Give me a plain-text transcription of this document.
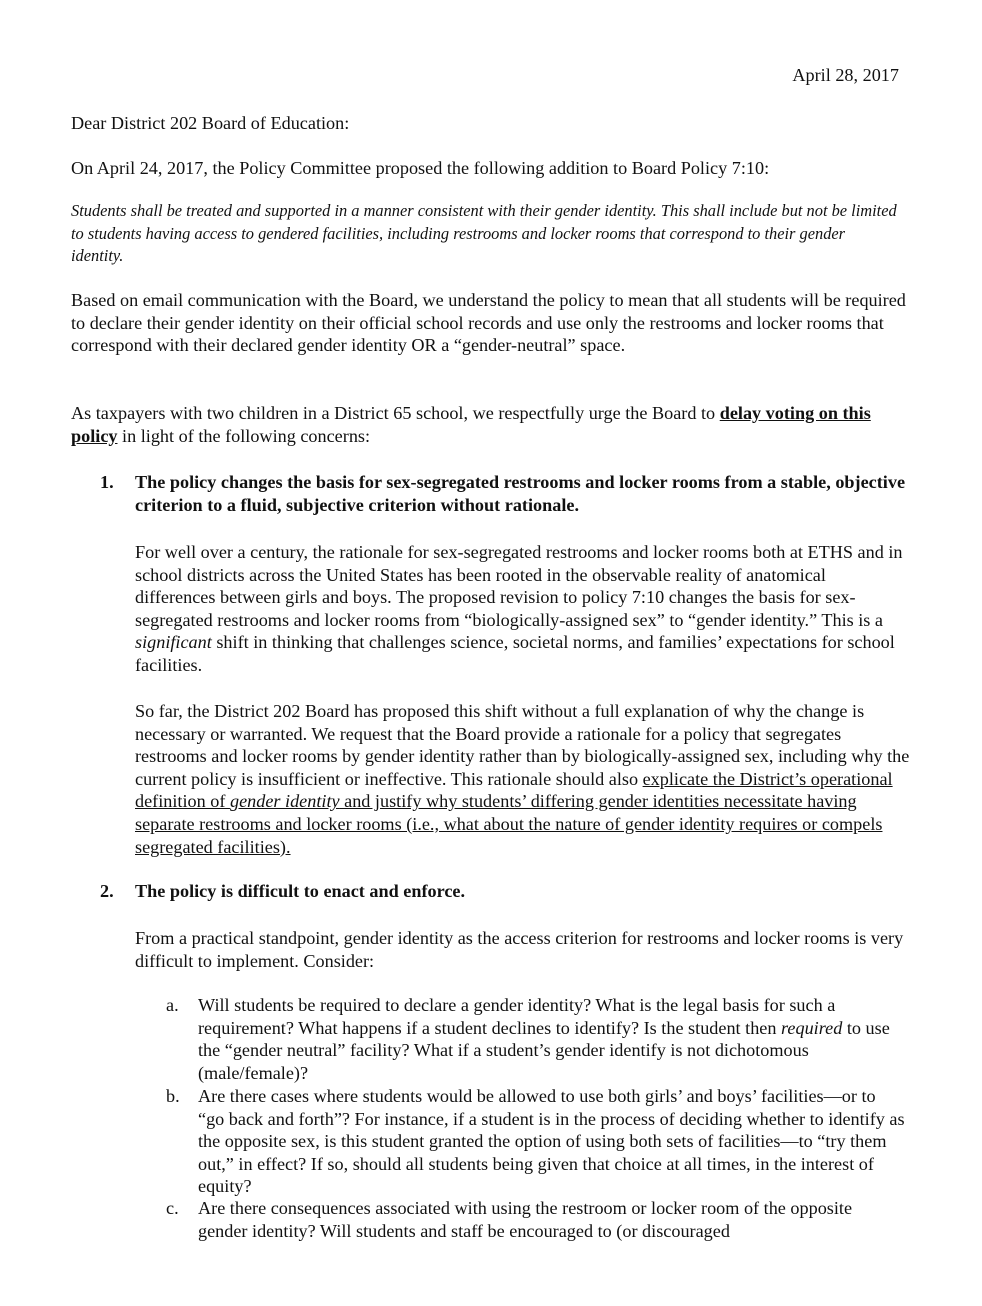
April 28, 2017

Dear District 202 Board of Education:

On April 24, 2017, the Policy Committee proposed the following addition to Board Policy 7:10:

Students shall be treated and supported in a manner consistent with their gender identity. This shall include but not be limited to students having access to gendered facilities, including restrooms and locker rooms that correspond to their gender identity.

Based on email communication with the Board, we understand the policy to mean that all students will be required to declare their gender identity on their official school records and use only the restrooms and locker rooms that correspond with their declared gender identity OR a “gender-neutral” space.

As taxpayers with two children in a District 65 school, we respectfully urge the Board to delay voting on this policy in light of the following concerns:

1. The policy changes the basis for sex-segregated restrooms and locker rooms from a stable, objective criterion to a fluid, subjective criterion without rationale.

For well over a century, the rationale for sex-segregated restrooms and locker rooms both at ETHS and in school districts across the United States has been rooted in the observable reality of anatomical differences between girls and boys. The proposed revision to policy 7:10 changes the basis for sex-segregated restrooms and locker rooms from “biologically-assigned sex” to “gender identity.” This is a significant shift in thinking that challenges science, societal norms, and families’ expectations for school facilities.

So far, the District 202 Board has proposed this shift without a full explanation of why the change is necessary or warranted. We request that the Board provide a rationale for a policy that segregates restrooms and locker rooms by gender identity rather than by biologically-assigned sex, including why the current policy is insufficient or ineffective. This rationale should also explicate the District’s operational definition of gender identity and justify why students’ differing gender identities necessitate having separate restrooms and locker rooms (i.e., what about the nature of gender identity requires or compels segregated facilities).

2. The policy is difficult to enact and enforce.

From a practical standpoint, gender identity as the access criterion for restrooms and locker rooms is very difficult to implement. Consider:

a. Will students be required to declare a gender identity? What is the legal basis for such a requirement? What happens if a student declines to identify? Is the student then required to use the “gender neutral” facility? What if a student’s gender identify is not dichotomous (male/female)?
b. Are there cases where students would be allowed to use both girls’ and boys’ facilities—or to “go back and forth”? For instance, if a student is in the process of deciding whether to identify as the opposite sex, is this student granted the option of using both sets of facilities—to “try them out,” in effect? If so, should all students being given that choice at all times, in the interest of equity?
c. Are there consequences associated with using the restroom or locker room of the opposite gender identity? Will students and staff be encouraged to (or discouraged
